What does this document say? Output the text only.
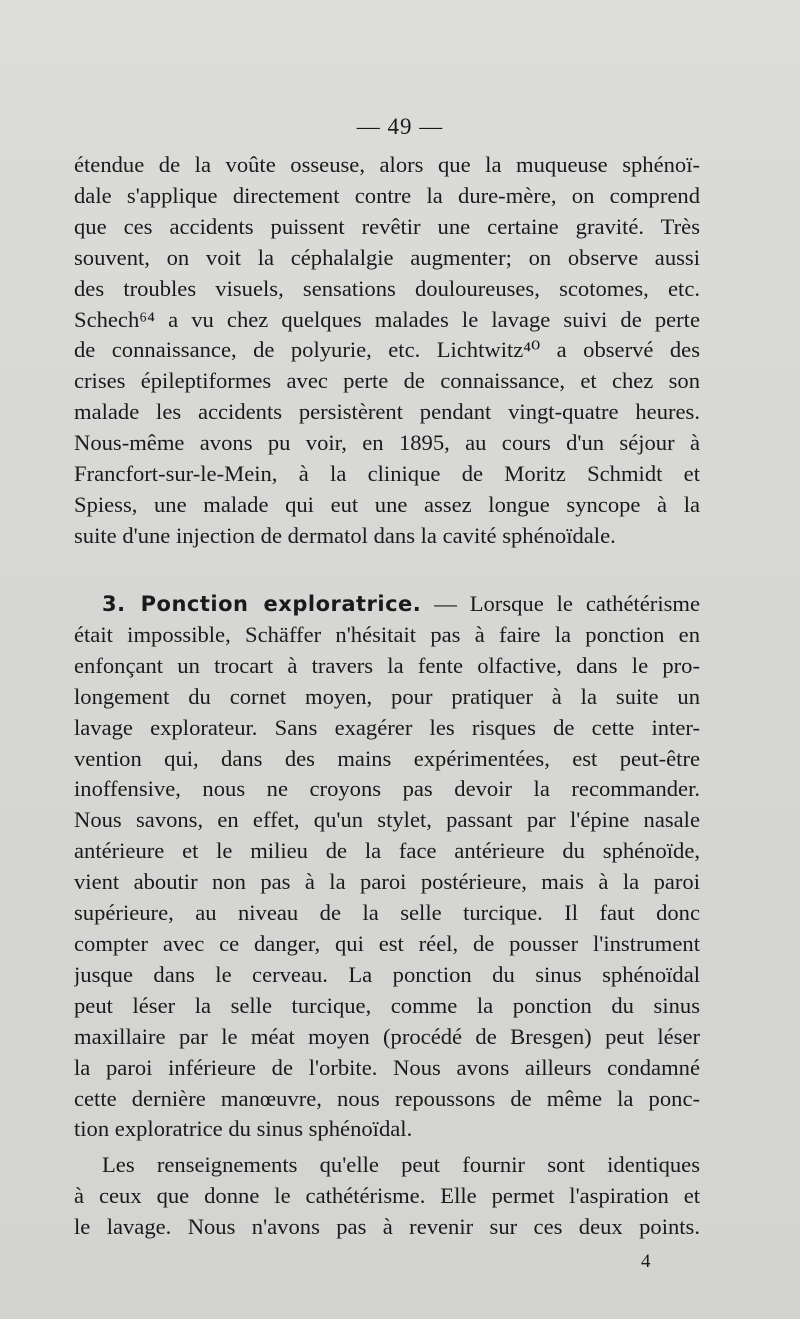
— 49 —
étendue de la voûte osseuse, alors que la muqueuse sphénoï-
dale s'applique directement contre la dure-mère, on comprend
que ces accidents puissent revêtir une certaine gravité. Très
souvent, on voit la céphalalgie augmenter; on observe aussi
des troubles visuels, sensations douloureuses, scotomes, etc.
Schech⁶⁴ a vu chez quelques malades le lavage suivi de perte
de connaissance, de polyurie, etc. Lichtwitz⁴⁰ a observé des
crises épileptiformes avec perte de connaissance, et chez son
malade les accidents persistèrent pendant vingt-quatre heures.
Nous-même avons pu voir, en 1895, au cours d'un séjour à
Francfort-sur-le-Mein, à la clinique de Moritz Schmidt et
Spiess, une malade qui eut une assez longue syncope à la
suite d'une injection de dermatol dans la cavité sphénoïdale.
3. Ponction exploratrice. — Lorsque le cathétérisme
était impossible, Schäffer n'hésitait pas à faire la ponction en
enfonçant un trocart à travers la fente olfactive, dans le pro-
longement du cornet moyen, pour pratiquer à la suite un
lavage explorateur. Sans exagérer les risques de cette inter-
vention qui, dans des mains expérimentées, est peut-être
inoffensive, nous ne croyons pas devoir la recommander.
Nous savons, en effet, qu'un stylet, passant par l'épine nasale
antérieure et le milieu de la face antérieure du sphénoïde,
vient aboutir non pas à la paroi postérieure, mais à la paroi
supérieure, au niveau de la selle turcique. Il faut donc
compter avec ce danger, qui est réel, de pousser l'instrument
jusque dans le cerveau. La ponction du sinus sphénoïdal
peut léser la selle turcique, comme la ponction du sinus
maxillaire par le méat moyen (procédé de Bresgen) peut léser
la paroi inférieure de l'orbite. Nous avons ailleurs condamné
cette dernière manœuvre, nous repoussons de même la ponc-
tion exploratrice du sinus sphénoïdal.
Les renseignements qu'elle peut fournir sont identiques
à ceux que donne le cathétérisme. Elle permet l'aspiration et
le lavage. Nous n'avons pas à revenir sur ces deux points.
4
